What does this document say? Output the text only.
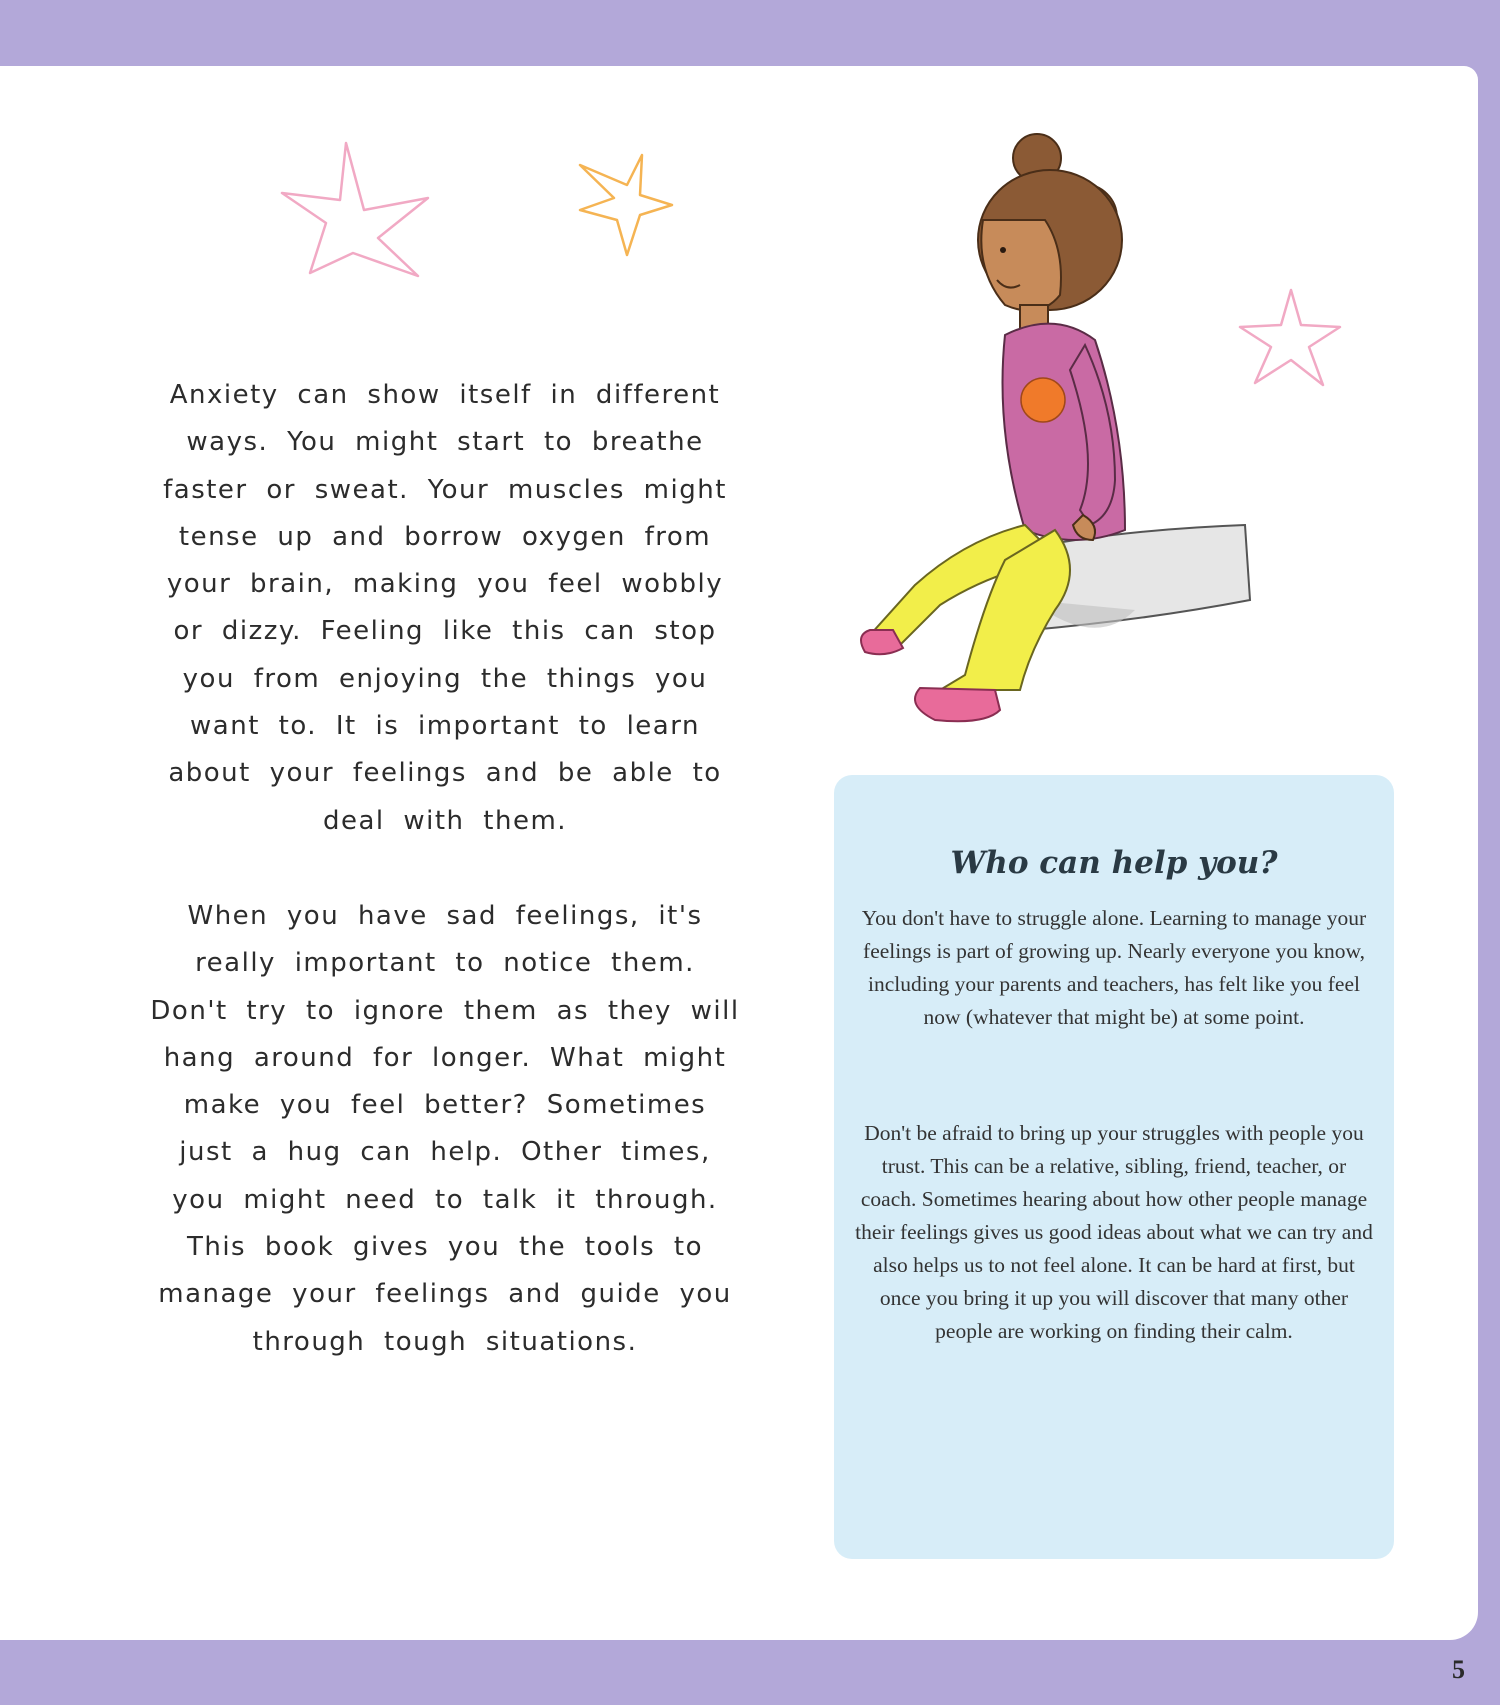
Anxiety can show itself in different ways. You might start to breathe faster or sweat. Your muscles might tense up and borrow oxygen from your brain, making you feel wobbly or dizzy. Feeling like this can stop you from enjoying the things you want to. It is important to learn about your feelings and be able to deal with them.

When you have sad feelings, it's really important to notice them. Don't try to ignore them as they will hang around for longer. What might make you feel better? Sometimes just a hug can help. Other times, you might need to talk it through. This book gives you the tools to manage your feelings and guide you through tough situations.

Who can help you?

You don't have to struggle alone. Learning to manage your feelings is part of growing up. Nearly everyone you know, including your parents and teachers, has felt like you feel now (whatever that might be) at some point.

Don't be afraid to bring up your struggles with people you trust. This can be a relative, sibling, friend, teacher, or coach. Sometimes hearing about how other people manage their feelings gives us good ideas about what we can try and also helps us to not feel alone. It can be hard at first, but once you bring it up you will discover that many other people are working on finding their calm.

5
